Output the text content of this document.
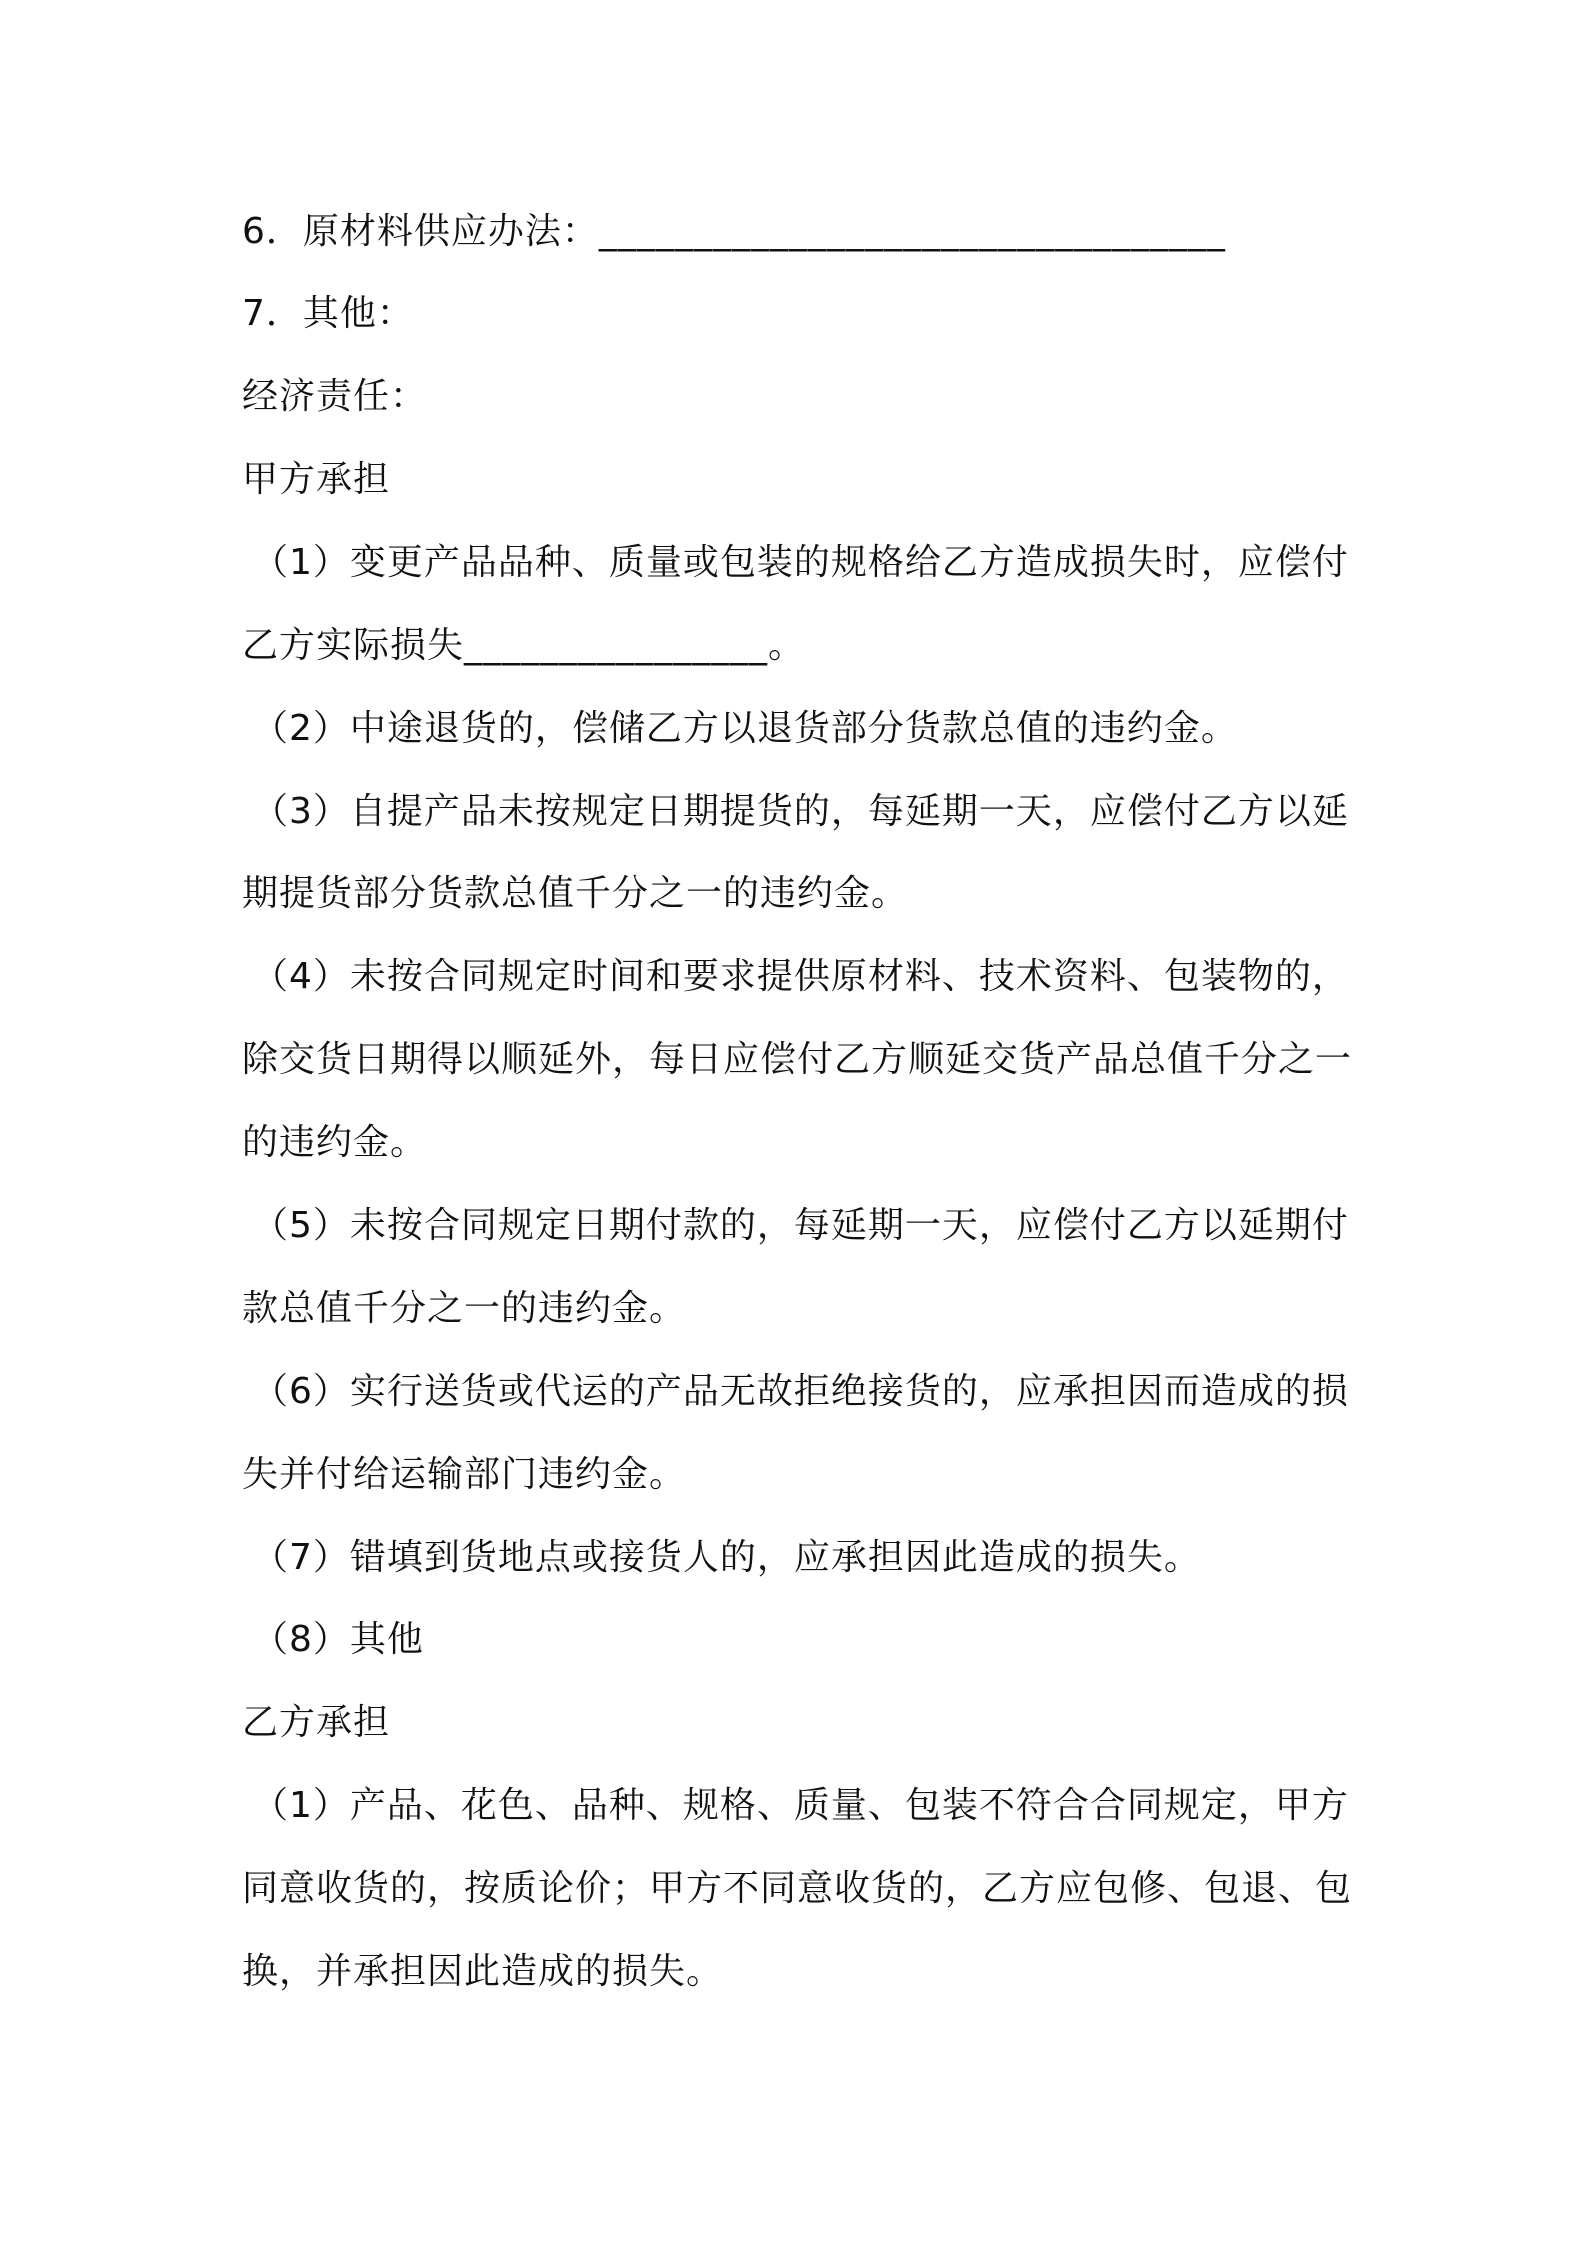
6．原材料供应办法：_________________________________
7．其他：
经济责任：
甲方承担
（1）变更产品品种、质量或包装的规格给乙方造成损失时，应偿付
乙方实际损失________________。
（2）中途退货的，偿储乙方以退货部分货款总值的违约金。
（3）自提产品未按规定日期提货的，每延期一天，应偿付乙方以延
期提货部分货款总值千分之一的违约金。
（4）未按合同规定时间和要求提供原材料、技术资料、包装物的，
除交货日期得以顺延外，每日应偿付乙方顺延交货产品总值千分之一
的违约金。
（5）未按合同规定日期付款的，每延期一天，应偿付乙方以延期付
款总值千分之一的违约金。
（6）实行送货或代运的产品无故拒绝接货的，应承担因而造成的损
失并付给运输部门违约金。
（7）错填到货地点或接货人的，应承担因此造成的损失。
（8）其他
乙方承担
（1）产品、花色、品种、规格、质量、包装不符合合同规定，甲方
同意收货的，按质论价；甲方不同意收货的，乙方应包修、包退、包
换，并承担因此造成的损失。
